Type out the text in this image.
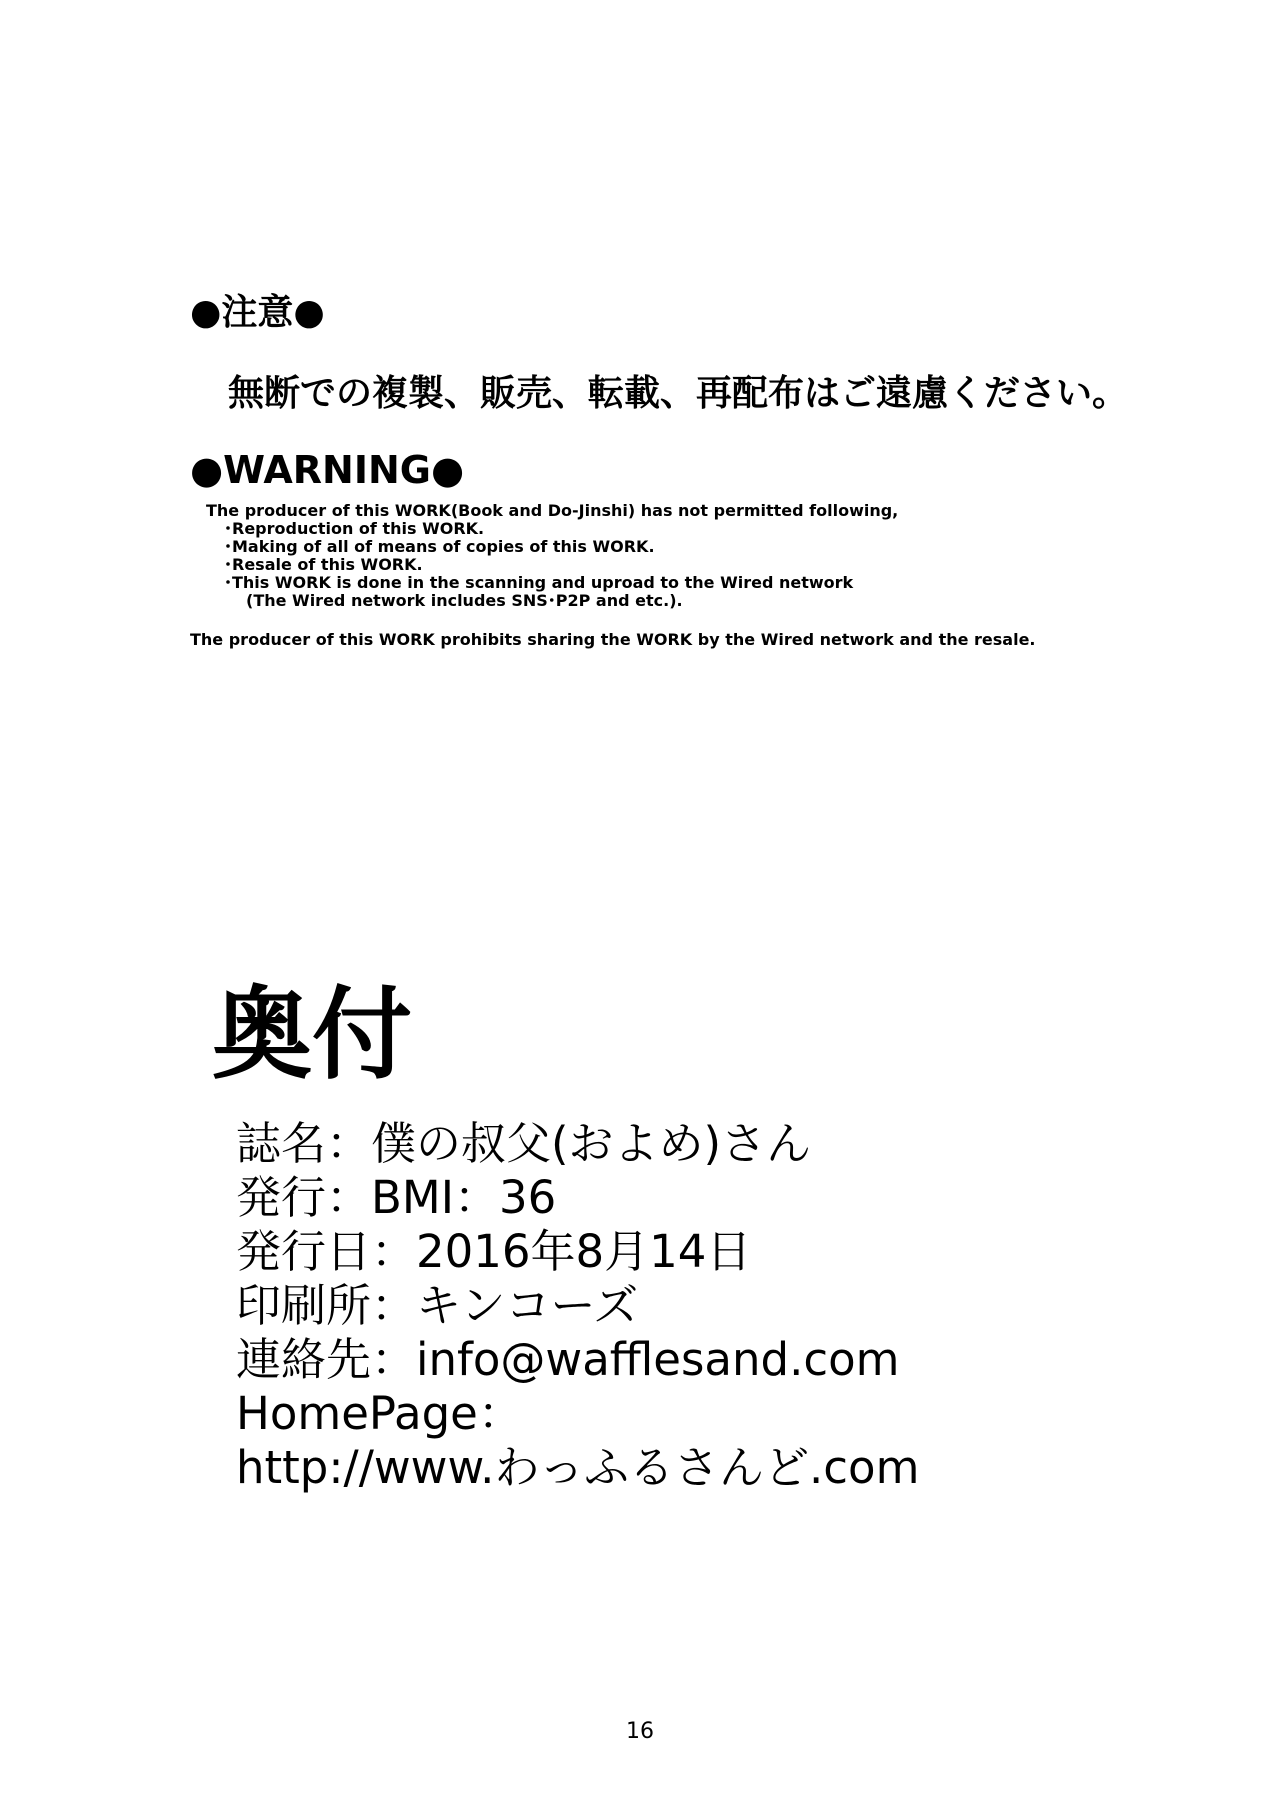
●注意●
無断での複製、販売、転載、再配布はご遠慮ください。
●WARNING●
The producer of this WORK(Book and Do-Jinshi) has not permitted following,
･Reproduction of this WORK.
･Making of all of means of copies of this WORK.
･Resale of this WORK.
･This WORK is done in the scanning and uproad to the Wired network
(The Wired network includes SNS･P2P and etc.).
The producer of this WORK prohibits sharing the WORK by the Wired network and the resale.
奥付
誌名：僕の叔父(およめ)さん
発行：BMI：36
発行日：2016年8月14日
印刷所：キンコーズ
連絡先：info@wafflesand.com
HomePage：
http://www.わっふるさんど.com
16
